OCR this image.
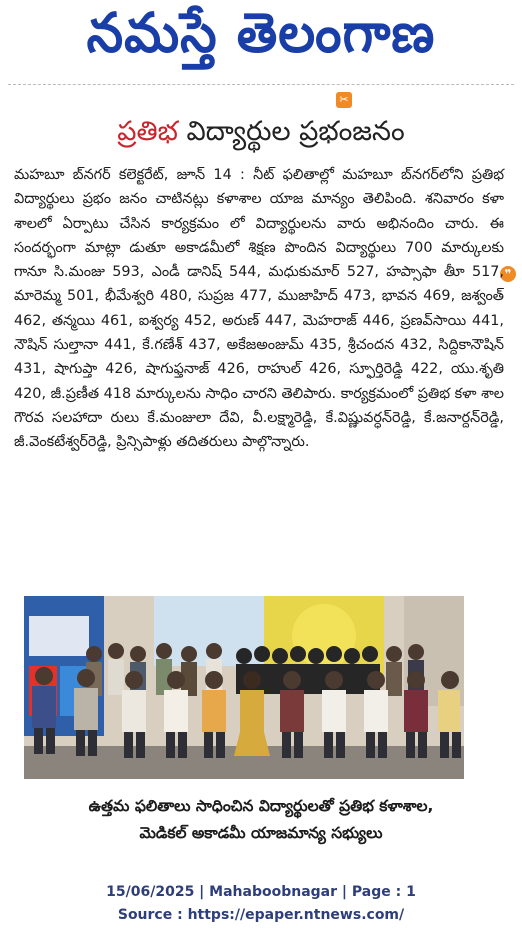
నమస్తే తెలంగాణ
✂
❞
ప్రతిభ విద్యార్థుల ప్రభంజనం
మహబూ బ్‌నగర్ కలెక్టరేట్, జూన్ 14 : నీట్ ఫలితాల్లో మహబూ బ్‌నగర్‌లోని ప్రతిభ విద్యార్థులు ప్రభం జనం చాటినట్లు కళాశాల యాజ మాన్యం తెలిపింది. శనివారం కళా శాలలో ఏర్పాటు చేసిన కార్యక్రమం లో విద్యార్థులను వారు అభినందిం చారు. ఈ సందర్భంగా మాట్లా డుతూ అకాడమీలో శిక్షణ పొందిన విద్యార్థులు 700 మార్కులకు గానూ సి.మంజు 593, ఎండీ డానిష్ 544, మధుకుమార్ 527, హప్సాఫా తీూ 517, మారెమ్మ 501, భీమేశ్వరి 480, సుప్రజ 477, ముజాహిద్ 473, భావన 469, జశ్వంత్ 462, తన్మయి 461, ఐశ్వర్య 452, అరుణ్ 447, మెహరాజ్ 446, ప్రణవ్‌సాయి 441, నౌషిన్ సుల్తానా 441, కే.గణేశ్ 437, అకేజఅంజుమ్ 435, శ్రీచందన 432, సిద్దికానౌషిన్ 431, షాగుప్తా 426, షాగుఫ్తనాజ్ 426, రాహుల్ 426, స్ఫూర్తిరెడ్డి 422, యు.శృతి 420, జీ.ప్రణీత 418 మార్కులను సాధిం చారని తెలిపారు. కార్యక్రమంలో ప్రతిభ కళా శాల గౌరవ సలహాదా రులు కే.మంజులా దేవి, వీ.లక్ష్మారెడ్డి, కే.విష్ణువర్ధన్‌రెడ్డి, కే.జనార్దన్‌రెడ్డి, జీ.వెంకటేశ్వర్‌రెడ్డి, ప్రిన్సిపాళ్లు తదితరులు పాల్గొన్నారు.
ఉత్తమ ఫలితాలు సాధించిన విద్యార్థులతో ప్రతిభ కళాశాల,
మెడికల్ అకాడమీ యాజమాన్య సభ్యులు
15/06/2025 | Mahaboobnagar | Page : 1
Source : https://epaper.ntnews.com/
